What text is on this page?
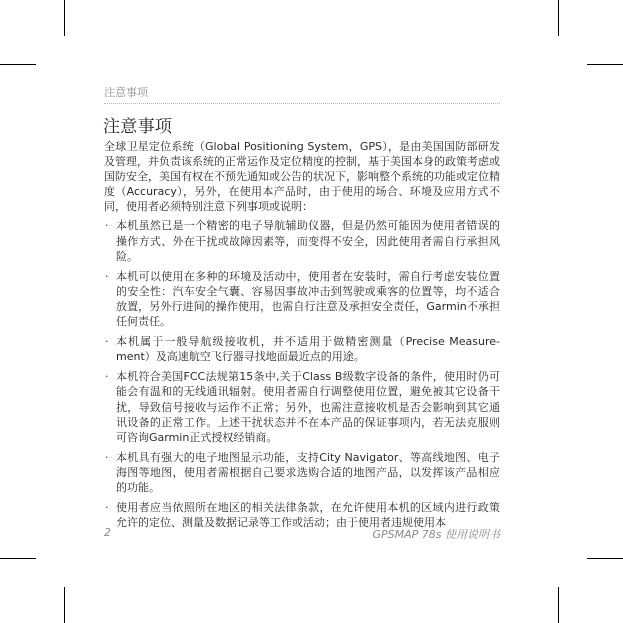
注意事项
注意事项

全球卫星定位系统（Global Positioning System，GPS），是由美国国防部研发及管理，并负责该系统的正常运作及定位精度的控制，基于美国本身的政策考虑或国防安全，美国有权在不预先通知或公告的状况下，影响整个系统的功能或定位精度（Accuracy），另外，在使用本产品时，由于使用的场合、环境及应用方式不同，使用者必须特别注意下列事项或说明：

· 本机虽然已是一个精密的电子导航辅助仪器，但是仍然可能因为使用者错误的操作方式、外在干扰或故障因素等，而变得不安全，因此使用者需自行承担风险。
· 本机可以使用在多种的环境及活动中，使用者在安装时，需自行考虑安装位置的安全性：汽车安全气囊、容易因事故冲击到驾驶或乘客的位置等，均不适合放置，另外行进间的操作使用，也需自行注意及承担安全责任，Garmin不承担任何责任。
· 本机属于一般导航级接收机，并不适用于做精密测量（Precise Measure-ment）及高速航空飞行器寻找地面最近点的用途。
· 本机符合美国FCC法规第15条中,关于Class B级数字设备的条件，使用时仍可能会有温和的无线通讯辐射。使用者需自行调整使用位置，避免被其它设备干扰，导致信号接收与运作不正常；另外，也需注意接收机是否会影响到其它通讯设备的正常工作。上述干扰状态并不在本产品的保证事项内，若无法克服则可咨询Garmin正式授权经销商。
· 本机具有强大的电子地图显示功能，支持City Navigator、等高线地图、电子海图等地图，使用者需根据自己要求选购合适的地图产品，以发挥该产品相应的功能。
· 使用者应当依照所在地区的相关法律条款，在允许使用本机的区域内进行政策允许的定位、测量及数据记录等工作或活动；由于使用者违规使用本
2	GPSMAP 78s 使用说明书
